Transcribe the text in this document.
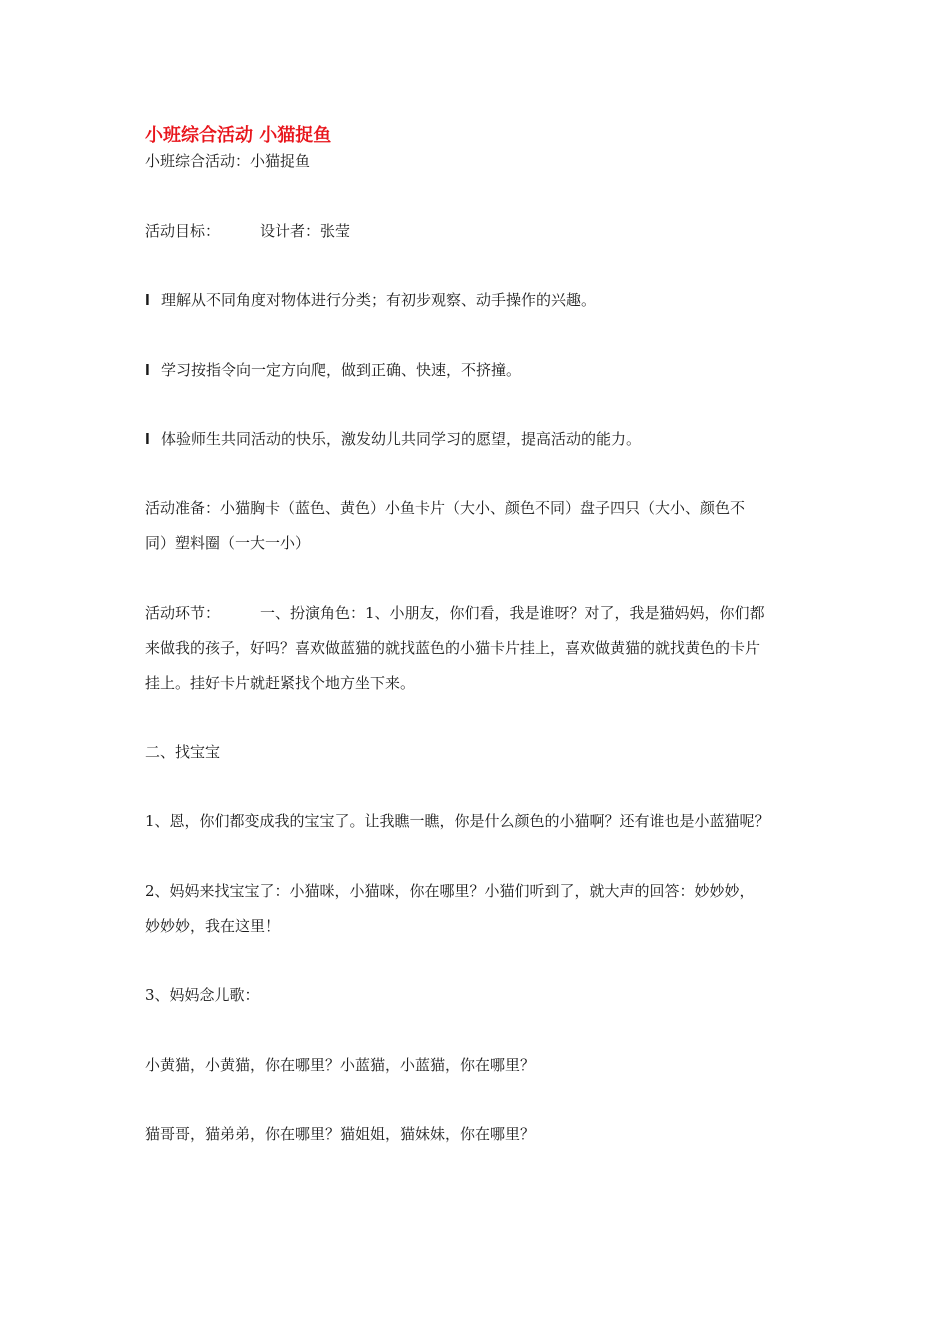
小班综合活动 小猫捉鱼
小班综合活动：小猫捉鱼
活动目标：	设计者：张莹
l 理解从不同角度对物体进行分类；有初步观察、动手操作的兴趣。
l 学习按指令向一定方向爬，做到正确、快速，不挤撞。
l 体验师生共同活动的快乐，激发幼儿共同学习的愿望，提高活动的能力。
活动准备：小猫胸卡（蓝色、黄色）小鱼卡片（大小、颜色不同）盘子四只（大小、颜色不
同）塑料圈（一大一小）
活动环节：	一、扮演角色：1、小朋友，你们看，我是谁呀？对了，我是猫妈妈，你们都
来做我的孩子，好吗？喜欢做蓝猫的就找蓝色的小猫卡片挂上，喜欢做黄猫的就找黄色的卡片
挂上。挂好卡片就赶紧找个地方坐下来。
二、找宝宝
1、恩，你们都变成我的宝宝了。让我瞧一瞧，你是什么颜色的小猫啊？还有谁也是小蓝猫呢？
2、妈妈来找宝宝了：小猫咪，小猫咪，你在哪里？小猫们听到了，就大声的回答：妙妙妙，
妙妙妙，我在这里！
3、妈妈念儿歌：
小黄猫，小黄猫，你在哪里？小蓝猫，小蓝猫，你在哪里？
猫哥哥，猫弟弟，你在哪里？猫姐姐，猫妹妹，你在哪里？
